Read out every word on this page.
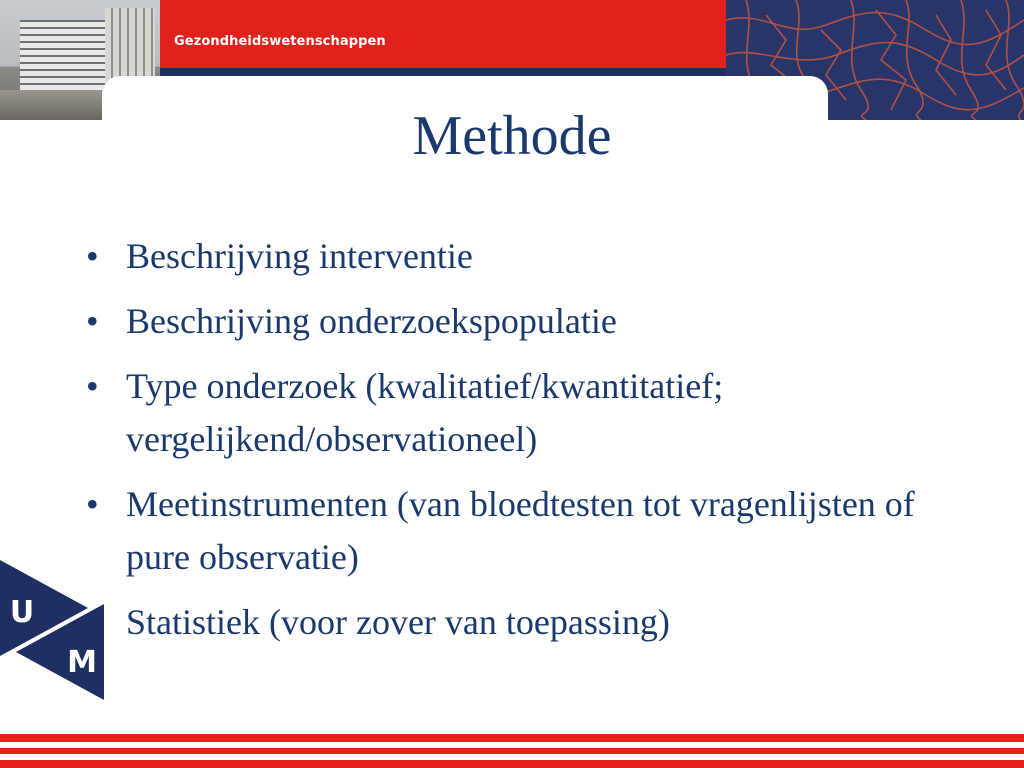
Gezondheidswetenschappen
Methode
• Beschrijving interventie
• Beschrijving onderzoekspopulatie
• Type onderzoek (kwalitatief/kwantitatief; vergelijkend/observationeel)
• Meetinstrumenten (van bloedtesten tot vragenlijsten of pure observatie)
Statistiek (voor zover van toepassing)
U
M
